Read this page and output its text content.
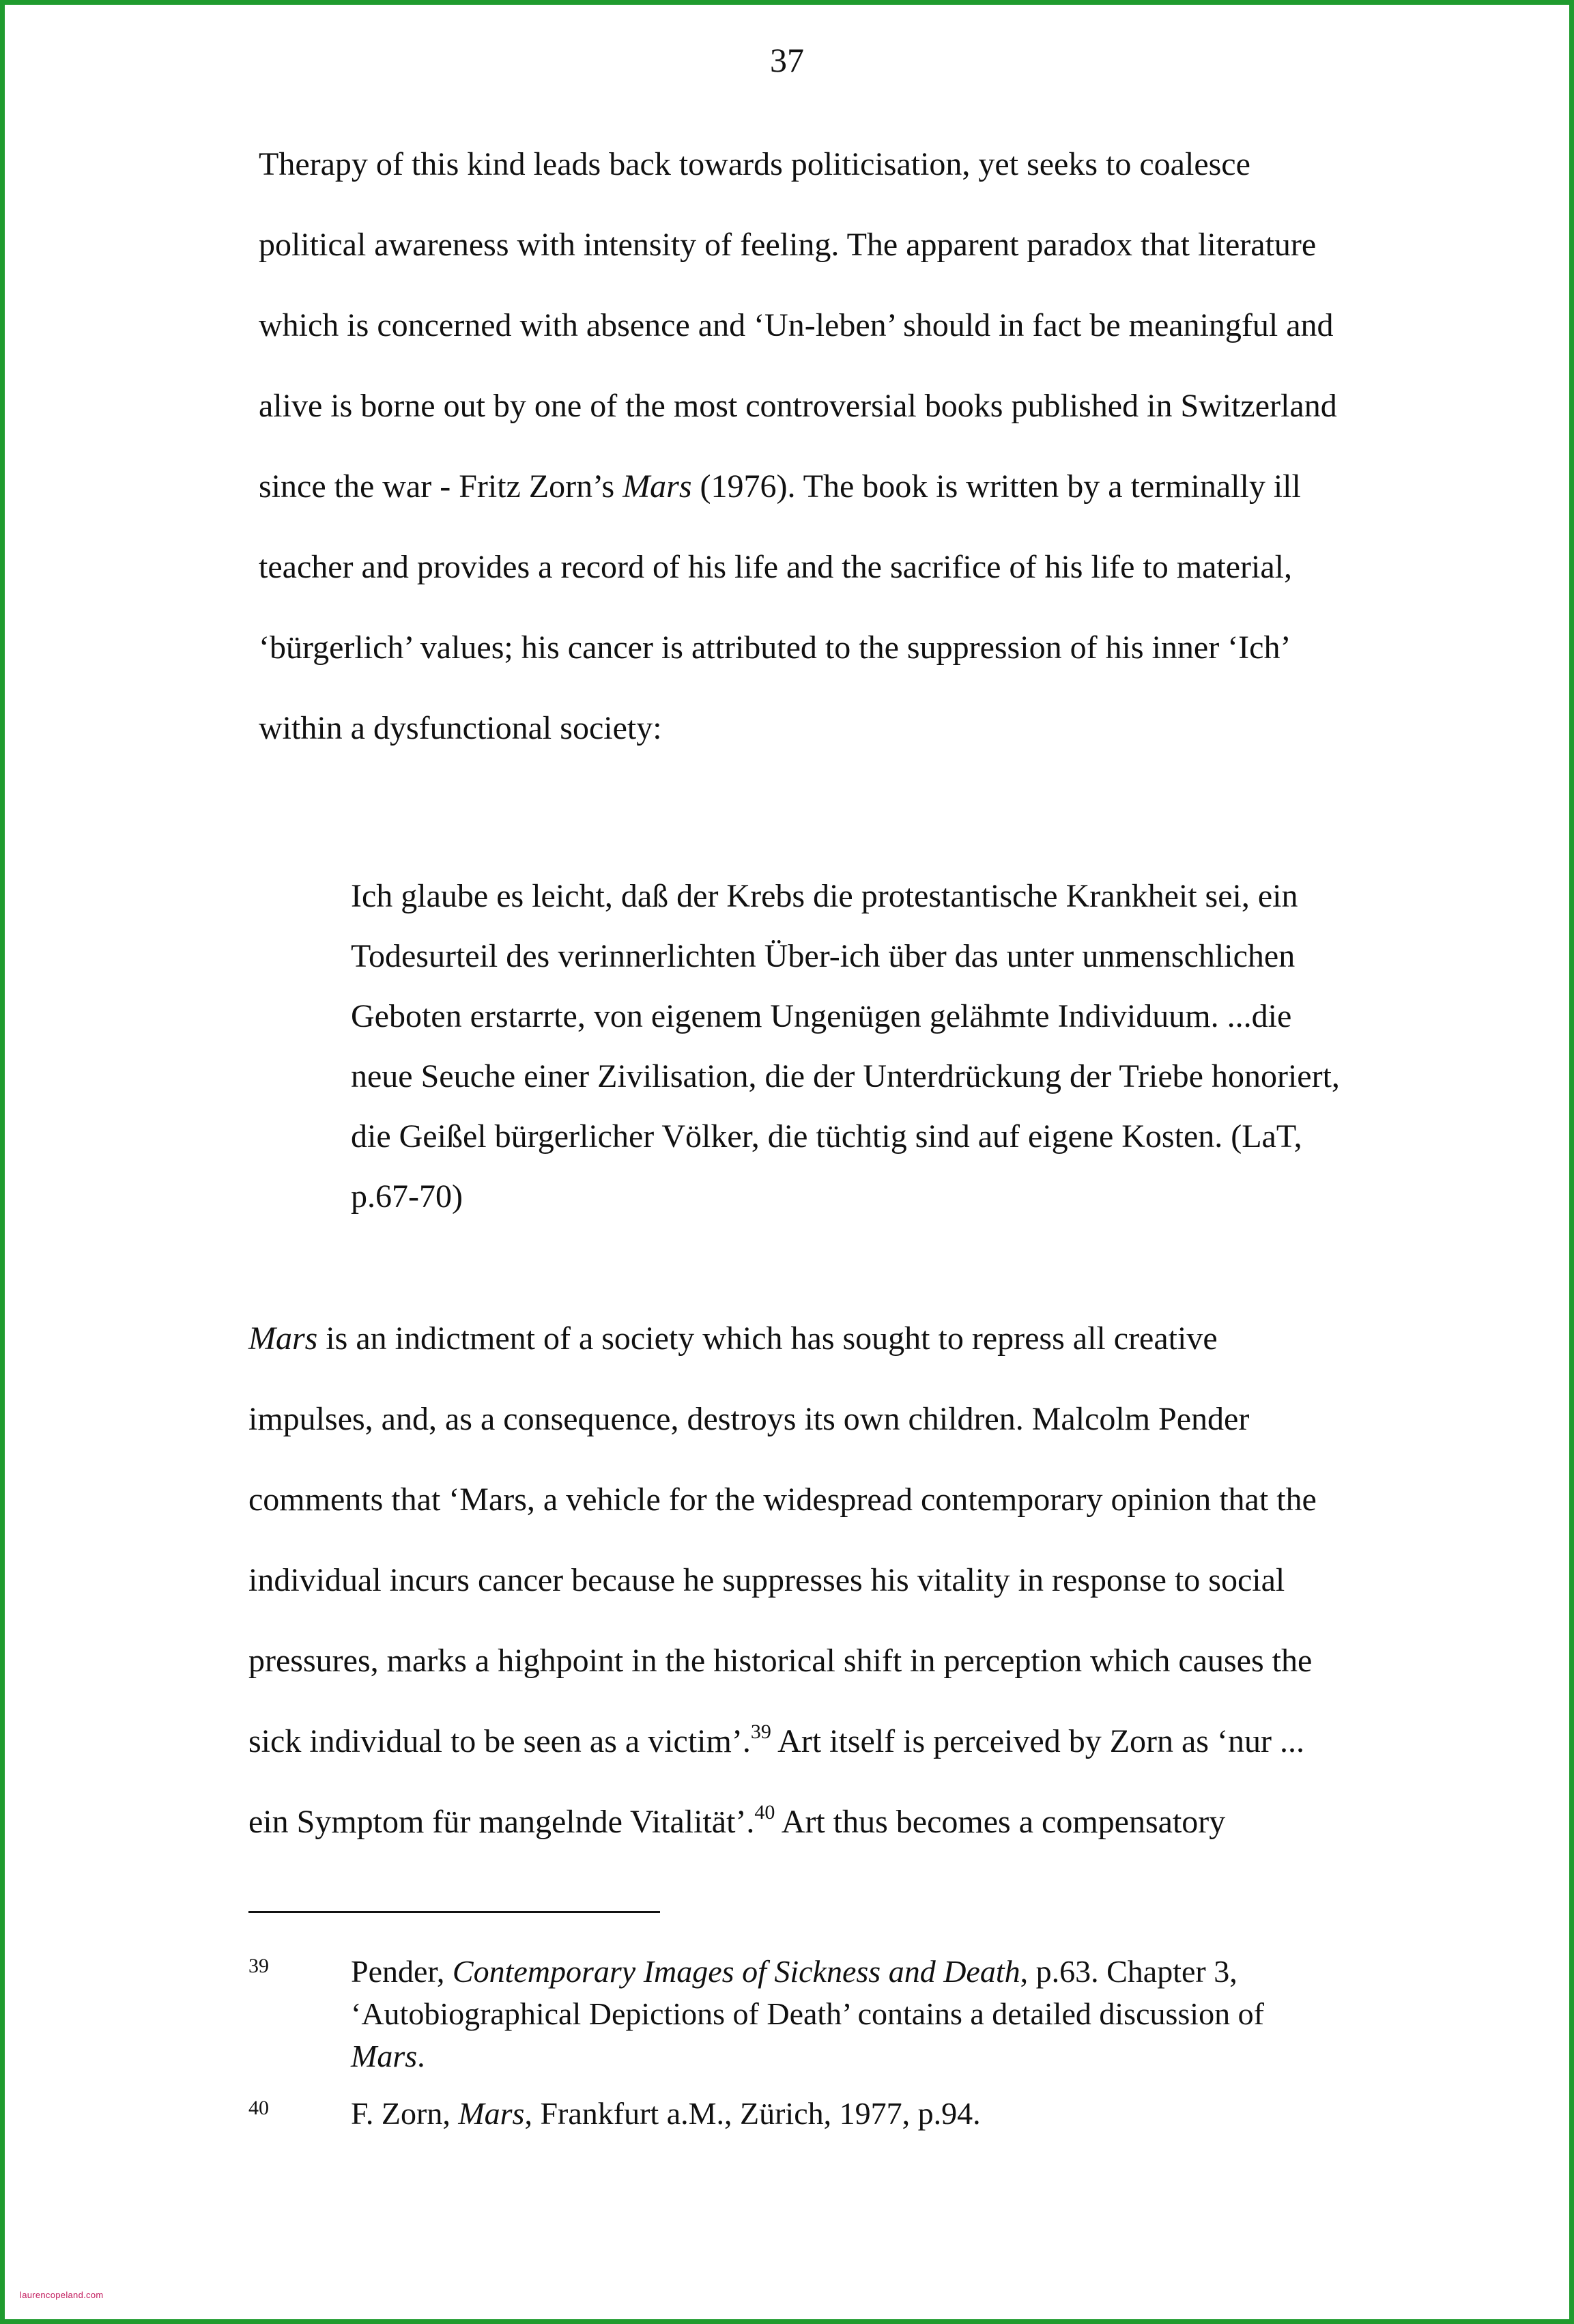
37

Therapy of this kind leads back towards politicisation, yet seeks to coalesce
political awareness with intensity of feeling. The apparent paradox that literature
which is concerned with absence and ‘Un-leben’ should in fact be meaningful and
alive is borne out by one of the most controversial books published in Switzerland
since the war - Fritz Zorn’s Mars (1976). The book is written by a terminally ill
teacher and provides a record of his life and the sacrifice of his life to material,
‘bürgerlich’ values; his cancer is attributed to the suppression of his inner ‘Ich’
within a dysfunctional society:

Ich glaube es leicht, daß der Krebs die protestantische Krankheit sei, ein
Todesurteil des verinnerlichten Über-ich über das unter unmenschlichen
Geboten erstarrte, von eigenem Ungenügen gelähmte Individuum. ...die
neue Seuche einer Zivilisation, die der Unterdrückung der Triebe honoriert,
die Geißel bürgerlicher Völker, die tüchtig sind auf eigene Kosten. (LaT,
p.67-70)

Mars is an indictment of a society which has sought to repress all creative
impulses, and, as a consequence, destroys its own children. Malcolm Pender
comments that ‘Mars, a vehicle for the widespread contemporary opinion that the
individual incurs cancer because he suppresses his vitality in response to social
pressures, marks a highpoint in the historical shift in perception which causes the
sick individual to be seen as a victim’.$^{39}$ Art itself is perceived by Zorn as ‘nur ...
ein Symptom für mangelnde Vitalität’.$^{40}$ Art thus becomes a compensatory

39	Pender, Contemporary Images of Sickness and Death, p.63. Chapter 3,
‘Autobiographical Depictions of Death’ contains a detailed discussion of
Mars.
40	F. Zorn, Mars, Frankfurt a.M., Zürich, 1977, p.94.
laurencopeland.com
